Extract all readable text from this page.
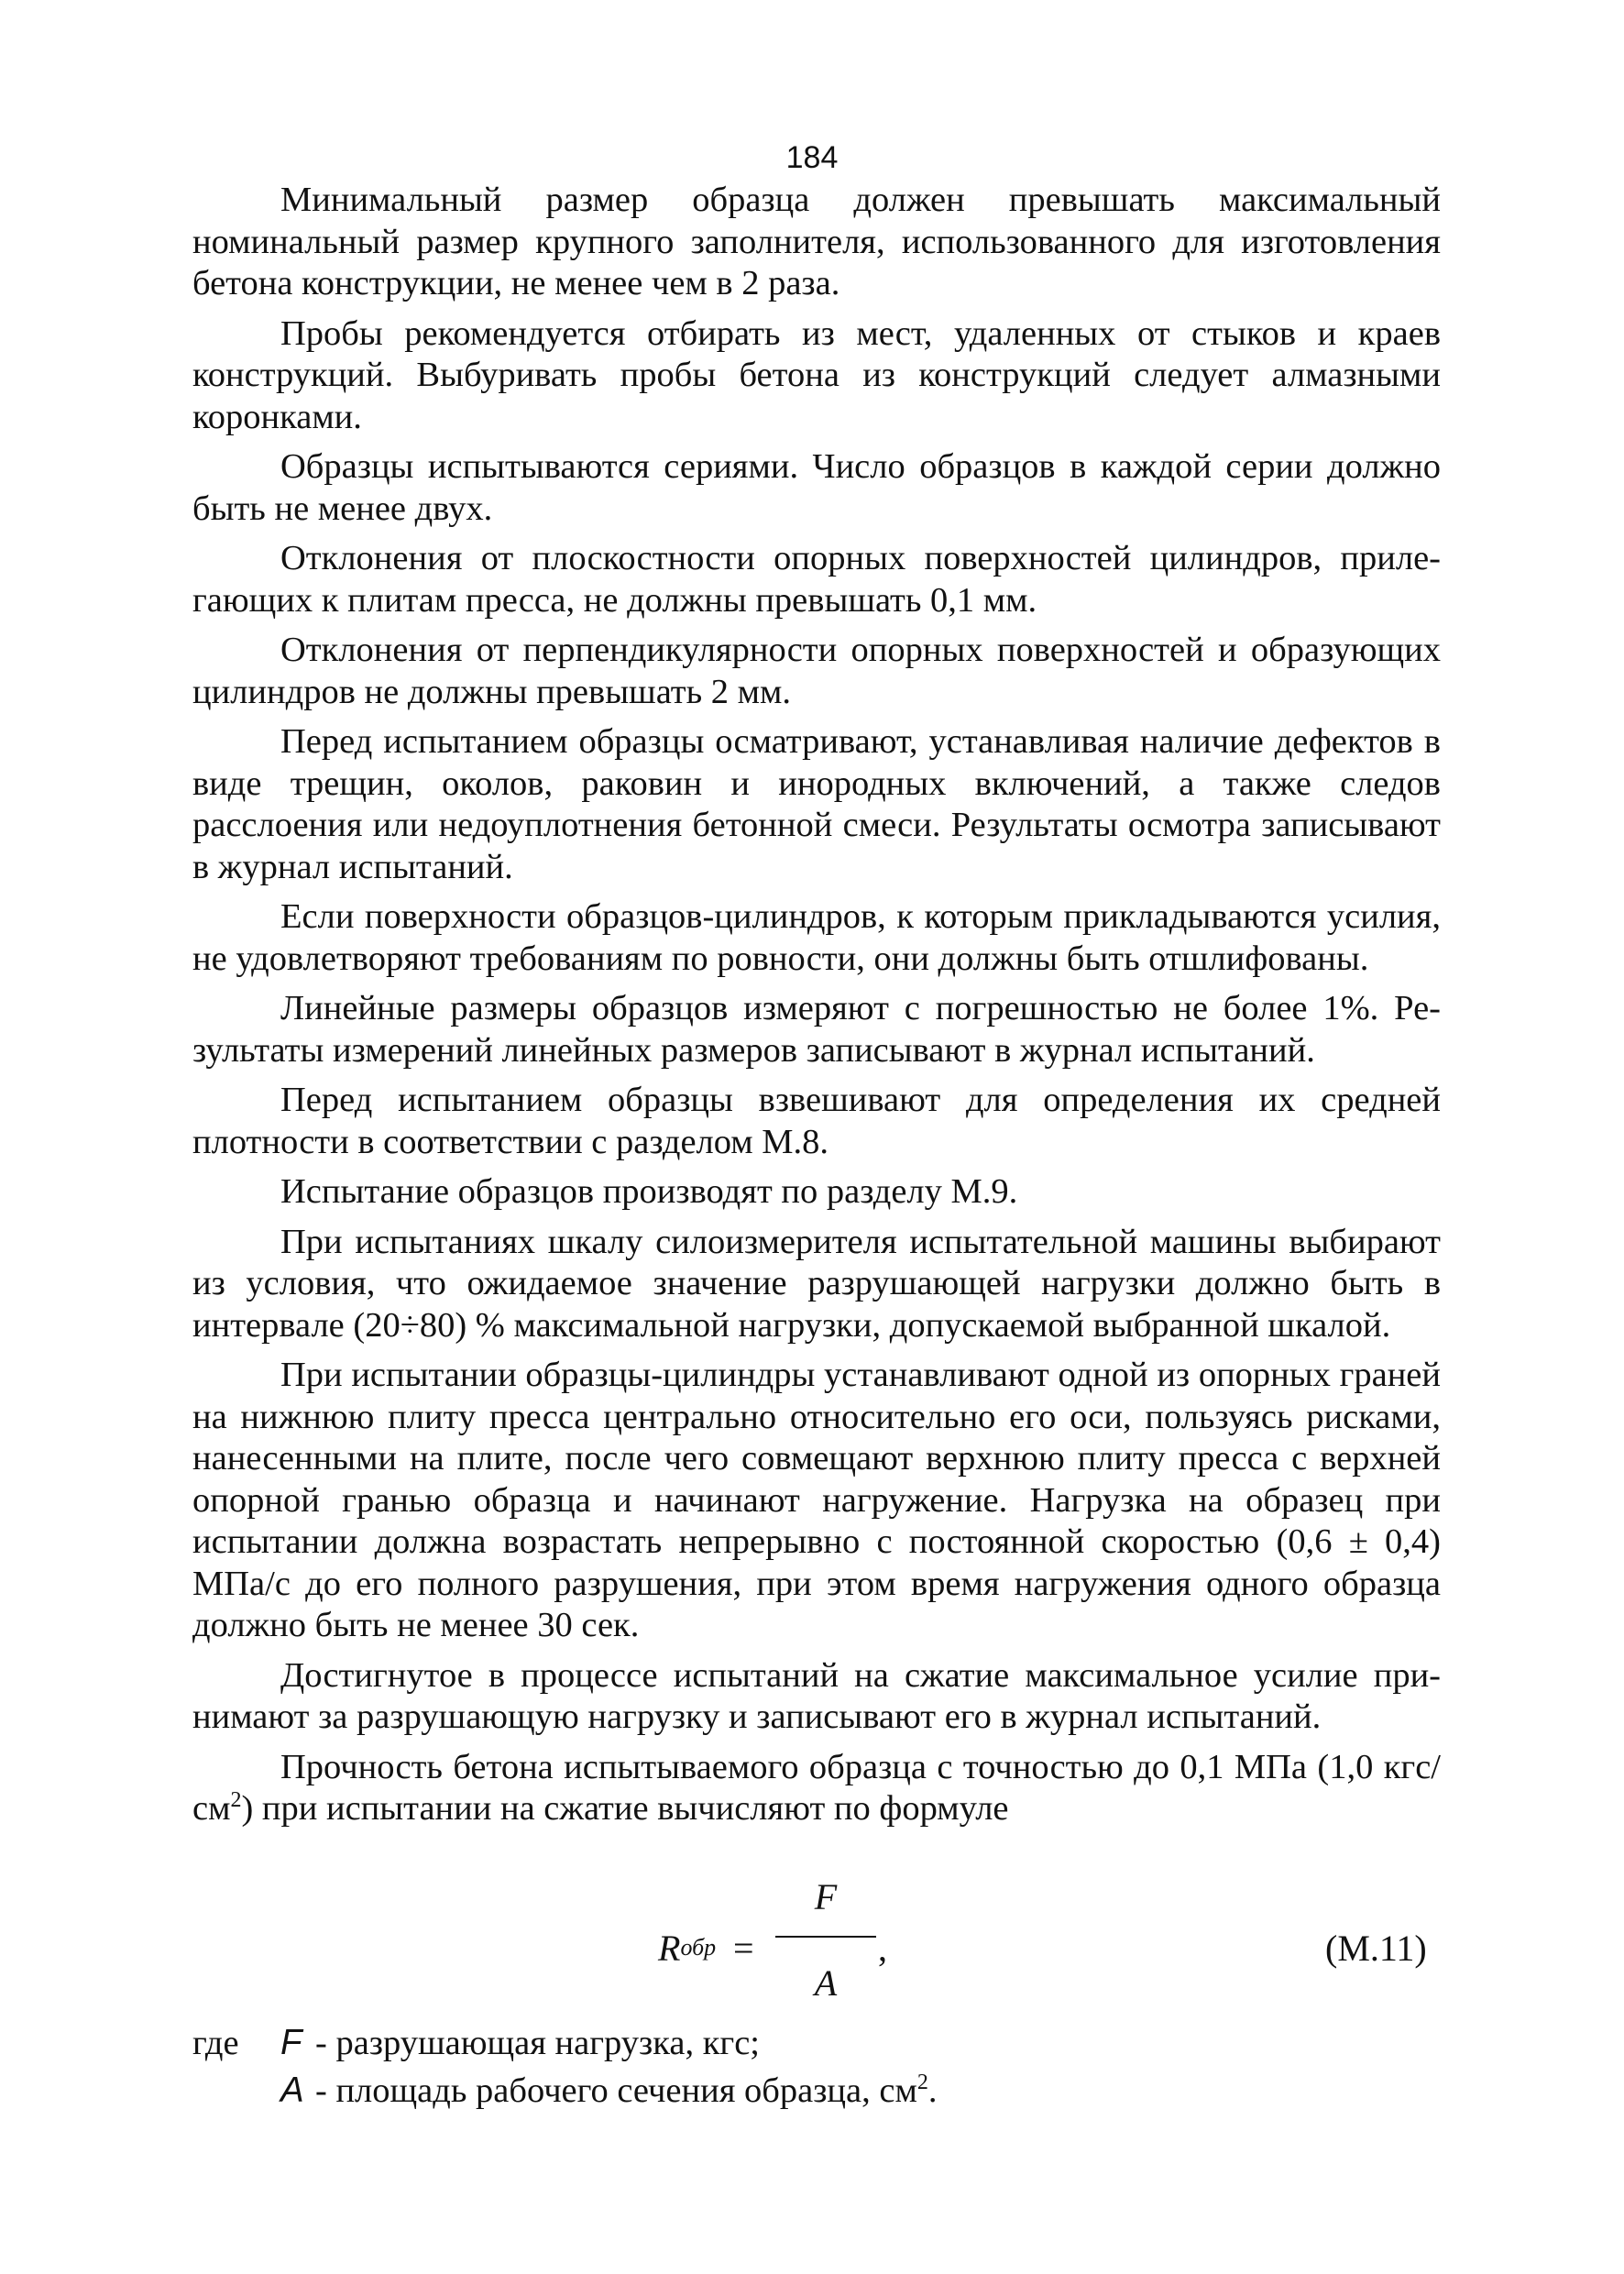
184

Минимальный размер образца должен превышать максимальный номинальный размер крупного заполнителя, использованного для изготовления бетона конструкции, не менее чем в 2 раза.

Пробы рекомендуется отбирать из мест, удаленных от стыков и краев конструкций. Выбуривать пробы бетона из конструкций следует алмазными коронками.

Образцы испытываются сериями. Число образцов в каждой серии должно быть не менее двух.

Отклонения от плоскостности опорных поверхностей цилиндров, прилегающих к плитам пресса, не должны превышать 0,1 мм.

Отклонения от перпендикулярности опорных поверхностей и образующих цилиндров не должны превышать 2 мм.

Перед испытанием образцы осматривают, устанавливая наличие дефектов в виде трещин, околов, раковин и инородных включений, а также следов расслоения или недоуплотнения бетонной смеси. Результаты осмотра записывают в журнал испытаний.

Если поверхности образцов-цилиндров, к которым прикладываются усилия, не удовлетворяют требованиям по ровности, они должны быть отшлифованы.

Линейные размеры образцов измеряют с погрешностью не более 1%. Результаты измерений линейных размеров записывают в журнал испытаний.

Перед испытанием образцы взвешивают для определения их средней плотности в соответствии с разделом М.8.

Испытание образцов производят по разделу М.9.

При испытаниях шкалу силоизмерителя испытательной машины выбирают из условия, что ожидаемое значение разрушающей нагрузки должно быть в интервале (20÷80) % максимальной нагрузки, допускаемой выбранной шкалой.

При испытании образцы-цилиндры устанавливают одной из опорных граней на нижнюю плиту пресса центрально относительно его оси, пользуясь рисками, нанесенными на плите, после чего совмещают верхнюю плиту пресса с верхней опорной гранью образца и начинают нагружение. Нагрузка на образец при испытании должна возрастать непрерывно с постоянной скоростью (0,6 ± 0,4) МПа/с до его полного разрушения, при этом время нагружения одного образца должно быть не менее 30 сек.

Достигнутое в процессе испытаний на сжатие максимальное усилие принимают за разрушающую нагрузку и записывают его в журнал испытаний.

Прочность бетона испытываемого образца с точностью до 0,1 МПа (1,0 кгс/$см^2$) при испытании на сжатие вычисляют по формуле

$R^{обр}$ =
F
A
,	(М.11)
где F - разрушающая нагрузка, кгс;
A - площадь рабочего сечения образца, $см^2$.
